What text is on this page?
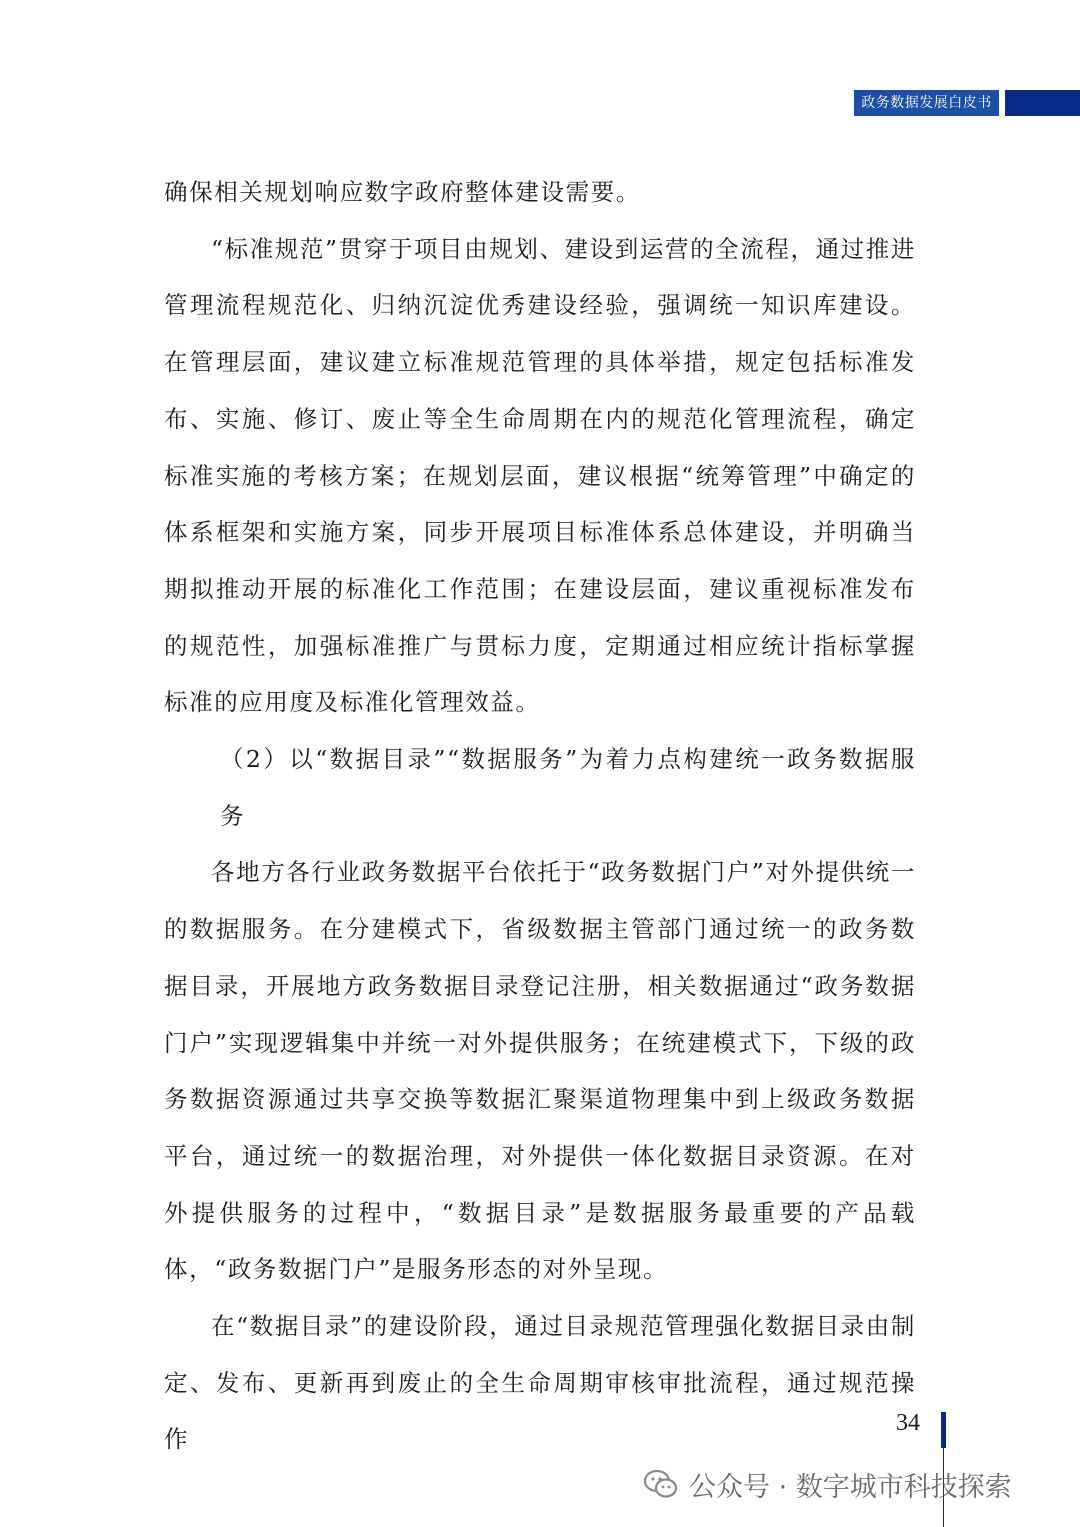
政务数据发展白皮书

确保相关规划响应数字政府整体建设需要。

“标准规范”贯穿于项目由规划、建设到运营的全流程，通过推进管理流程规范化、归纳沉淀优秀建设经验，强调统一知识库建设。在管理层面，建议建立标准规范管理的具体举措，规定包括标准发布、实施、修订、废止等全生命周期在内的规范化管理流程，确定标准实施的考核方案；在规划层面，建议根据“统筹管理”中确定的体系框架和实施方案，同步开展项目标准体系总体建设，并明确当期拟推动开展的标准化工作范围；在建设层面，建议重视标准发布的规范性，加强标准推广与贯标力度，定期通过相应统计指标掌握标准的应用度及标准化管理效益。

（2）以“数据目录”“数据服务”为着力点构建统一政务数据服务

各地方各行业政务数据平台依托于“政务数据门户”对外提供统一的数据服务。在分建模式下，省级数据主管部门通过统一的政务数据目录，开展地方政务数据目录登记注册，相关数据通过“政务数据门户”实现逻辑集中并统一对外提供服务；在统建模式下，下级的政务数据资源通过共享交换等数据汇聚渠道物理集中到上级政务数据平台，通过统一的数据治理，对外提供一体化数据目录资源。在对外提供服务的过程中，“数据目录”是数据服务最重要的产品载体，“政务数据门户”是服务形态的对外呈现。

在“数据目录”的建设阶段，通过目录规范管理强化数据目录由制定、发布、更新再到废止的全生命周期审核审批流程，通过规范操作

34
公众号 · 数字城市科技探索
